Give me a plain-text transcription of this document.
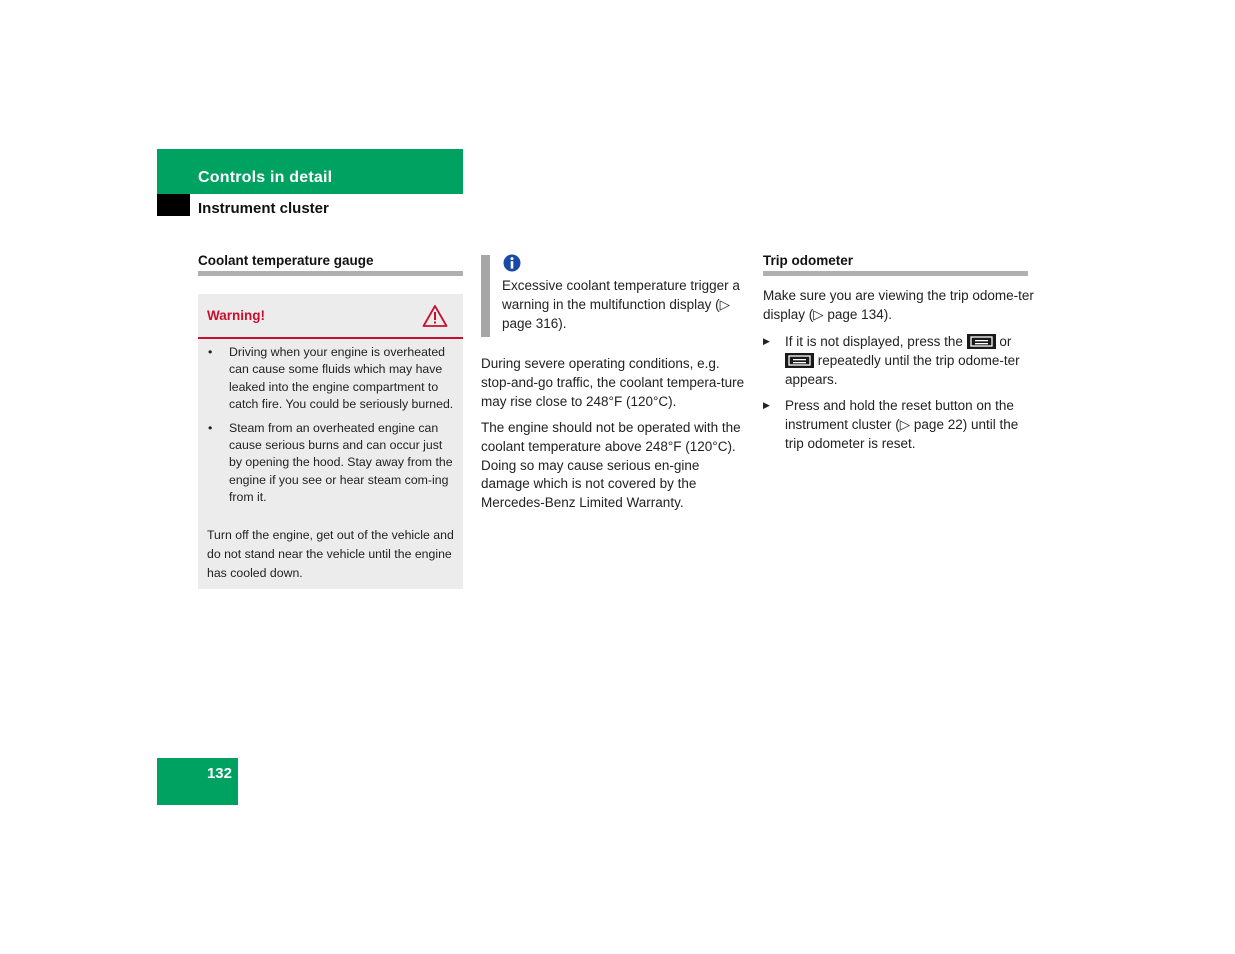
Controls in detail
Instrument cluster
Coolant temperature gauge
Warning!
• Driving when your engine is overheated can cause some fluids which may have leaked into the engine compartment to catch fire. You could be seriously burned.
• Steam from an overheated engine can cause serious burns and can occur just by opening the hood. Stay away from the engine if you see or hear steam com-ing from it.
Turn off the engine, get out of the vehicle and do not stand near the vehicle until the engine has cooled down.
Excessive coolant temperature trigger a warning in the multifunction display (▷ page 316).
During severe operating conditions, e.g. stop-and-go traffic, the coolant tempera-ture may rise close to 248°F (120°C).
The engine should not be operated with the coolant temperature above 248°F (120°C). Doing so may cause serious en-gine damage which is not covered by the Mercedes-Benz Limited Warranty.
Trip odometer
Make sure you are viewing the trip odome-ter display (▷ page 134).
▶ If it is not displayed, press the	or
repeatedly until the trip odome-ter appears.
▶ Press and hold the reset button on the instrument cluster (▷ page 22) until the trip odometer is reset.
132
